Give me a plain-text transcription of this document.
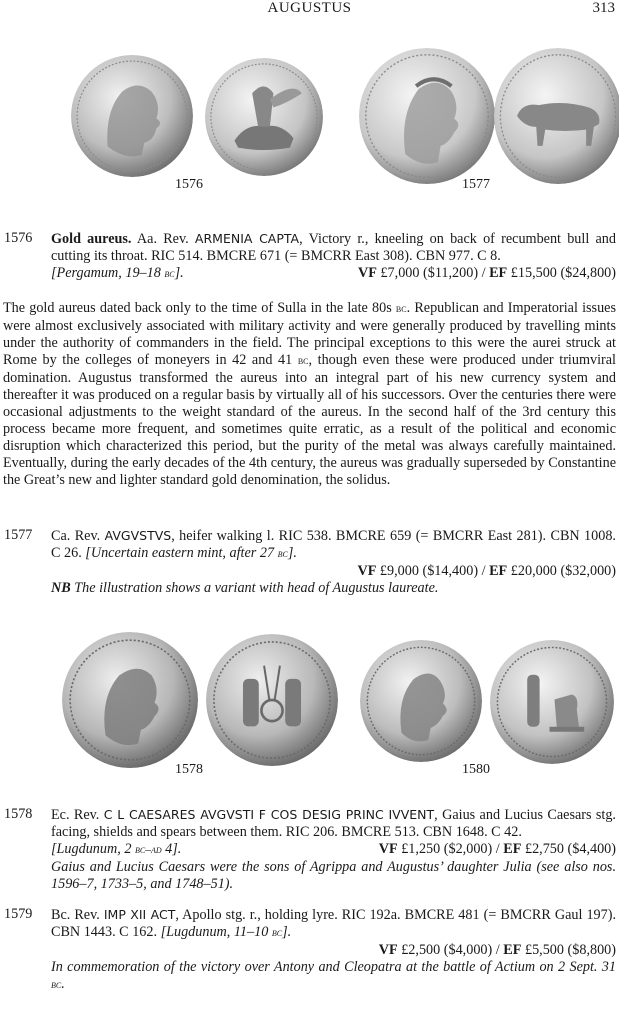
AUGUSTUS	313
1576	1577
1576 Gold aureus. Aa. Rev. ARMENIA CAPTA, Victory r., kneeling on back of recumbent bull and cutting its throat. RIC 514. BMCRE 671 (= BMCRR East 308). CBN 977. C 8.
[Pergamum, 19–18 bc].	VF £7,000 ($11,200) / EF £15,500 ($24,800)
The gold aureus dated back only to the time of Sulla in the late 80s bc. Republican and Imperatorial issues were almost exclusively associated with military activity and were generally produced by travelling mints under the authority of commanders in the field. The principal exceptions to this were the aurei struck at Rome by the colleges of moneyers in 42 and 41 bc, though even these were produced under triumviral domination. Augustus transformed the aureus into an integral part of his new currency system and thereafter it was produced on a regular basis by virtually all of his successors. Over the centuries there were occasional adjustments to the weight standard of the aureus. In the second half of the 3rd century this process became more frequent, and sometimes quite erratic, as a result of the political and economic disruption which characterized this period, but the purity of the metal was always carefully maintained. Eventually, during the early decades of the 4th century, the aureus was gradually superseded by Constantine the Great’s new and lighter standard gold denomination, the solidus.
1577 Ca. Rev. AVGVSTVS, heifer walking l. RIC 538. BMCRE 659 (= BMCRR East 281). CBN 1008. C 26. [Uncertain eastern mint, after 27 bc].
VF £9,000 ($14,400) / EF £20,000 ($32,000)
NB The illustration shows a variant with head of Augustus laureate.
1578	1580
1578 Ec. Rev. C L CAESARES AVGVSTI F COS DESIG PRINC IVVENT, Gaius and Lucius Caesars stg. facing, shields and spears between them. RIC 206. BMCRE 513. CBN 1648. C 42.
[Lugdunum, 2 bc–ad 4].	VF £1,250 ($2,000) / EF £2,750 ($4,400)
Gaius and Lucius Caesars were the sons of Agrippa and Augustus’ daughter Julia (see also nos. 1596–7, 1733–5, and 1748–51).
1579 Bc. Rev. IMP XII ACT, Apollo stg. r., holding lyre. RIC 192a. BMCRE 481 (= BMCRR Gaul 197). CBN 1443. C 162. [Lugdunum, 11–10 bc].
VF £2,500 ($4,000) / EF £5,500 ($8,800)
In commemoration of the victory over Antony and Cleopatra at the battle of Actium on 2 Sept. 31 bc.
